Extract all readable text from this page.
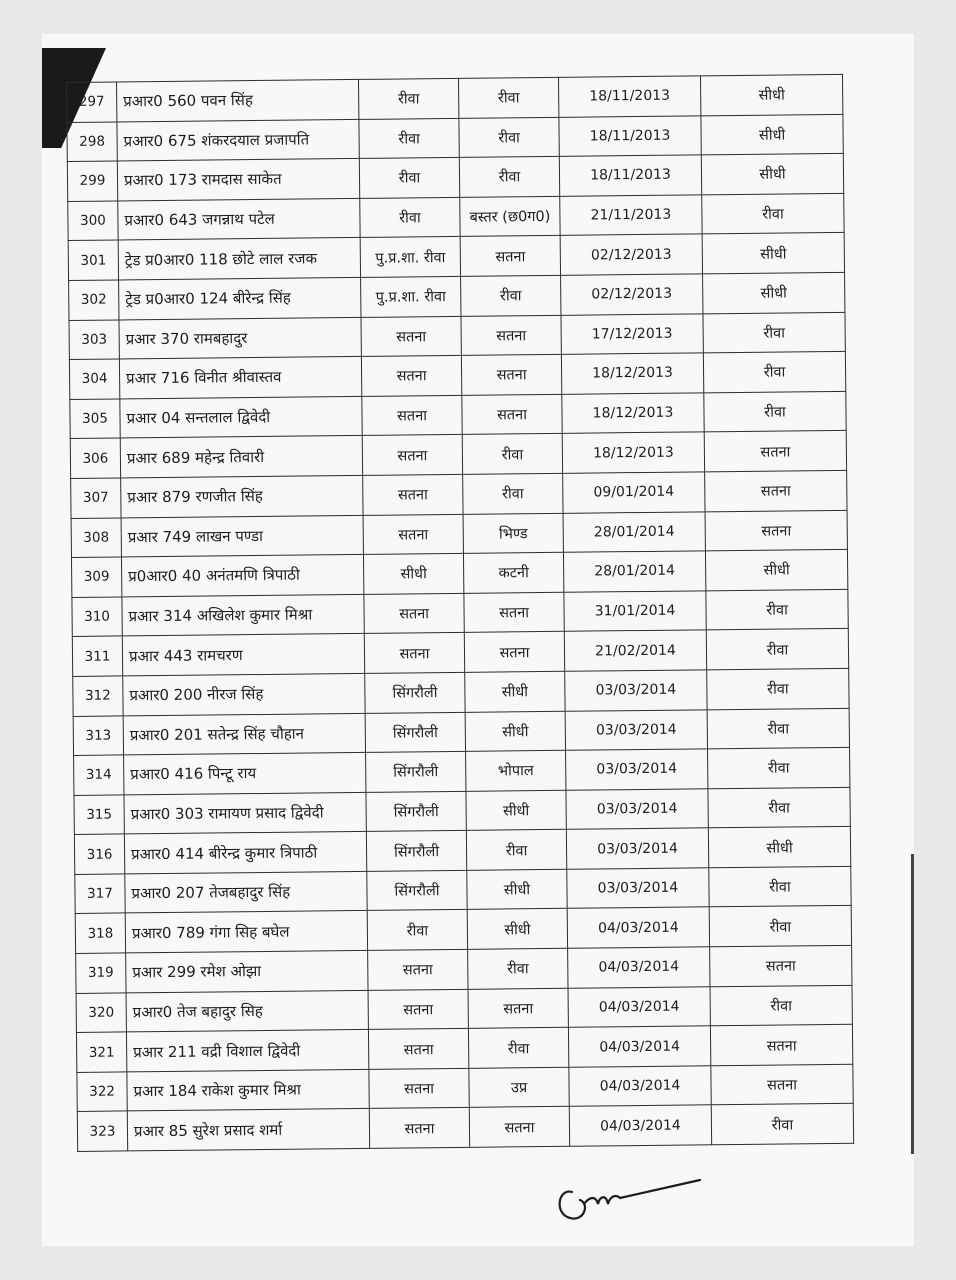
297	प्रआर0 560 पवन सिंह	रीवा	रीवा	18/11/2013	सीधी
298	प्रआर0 675 शंकरदयाल प्रजापति	रीवा	रीवा	18/11/2013	सीधी
299	प्रआर0 173 रामदास साकेत	रीवा	रीवा	18/11/2013	सीधी
300	प्रआर0 643 जगन्नाथ पटेल	रीवा	बस्तर (छ0ग0)	21/11/2013	रीवा
301	ट्रेड प्र0आर0 118 छोटे लाल रजक	पु.प्र.शा. रीवा	सतना	02/12/2013	सीधी
302	ट्रेड प्र0आर0 124 बीरेन्द्र सिंह	पु.प्र.शा. रीवा	रीवा	02/12/2013	सीधी
303	प्रआर 370 रामबहादुर	सतना	सतना	17/12/2013	रीवा
304	प्रआर 716 विनीत श्रीवास्तव	सतना	सतना	18/12/2013	रीवा
305	प्रआर 04 सन्तलाल द्विवेदी	सतना	सतना	18/12/2013	रीवा
306	प्रआर 689 महेन्द्र तिवारी	सतना	रीवा	18/12/2013	सतना
307	प्रआर 879 रणजीत सिंह	सतना	रीवा	09/01/2014	सतना
308	प्रआर 749 लाखन पण्डा	सतना	भिण्ड	28/01/2014	सतना
309	प्र0आर0 40 अनंतमणि त्रिपाठी	सीधी	कटनी	28/01/2014	सीधी
310	प्रआर 314 अखिलेश कुमार मिश्रा	सतना	सतना	31/01/2014	रीवा
311	प्रआर 443 रामचरण	सतना	सतना	21/02/2014	रीवा
312	प्रआर0 200 नीरज सिंह	सिंगरौली	सीधी	03/03/2014	रीवा
313	प्रआर0 201 सतेन्द्र सिंह चौहान	सिंगरौली	सीधी	03/03/2014	रीवा
314	प्रआर0 416 पिन्टू राय	सिंगरौली	भोपाल	03/03/2014	रीवा
315	प्रआर0 303 रामायण प्रसाद द्विवेदी	सिंगरौली	सीधी	03/03/2014	रीवा
316	प्रआर0 414 बीरेन्द्र कुमार त्रिपाठी	सिंगरौली	रीवा	03/03/2014	सीधी
317	प्रआर0 207 तेजबहादुर सिंह	सिंगरौली	सीधी	03/03/2014	रीवा
318	प्रआर0 789 गंगा सिह बघेल	रीवा	सीधी	04/03/2014	रीवा
319	प्रआर 299 रमेश ओझा	सतना	रीवा	04/03/2014	सतना
320	प्रआर0 तेज बहादुर सिह	सतना	सतना	04/03/2014	रीवा
321	प्रआर 211 वद्री विशाल द्विवेदी	सतना	रीवा	04/03/2014	सतना
322	प्रआर 184 राकेश कुमार मिश्रा	सतना	उप्र	04/03/2014	सतना
323	प्रआर 85 सुरेश प्रसाद शर्मा	सतना	सतना	04/03/2014	रीवा
